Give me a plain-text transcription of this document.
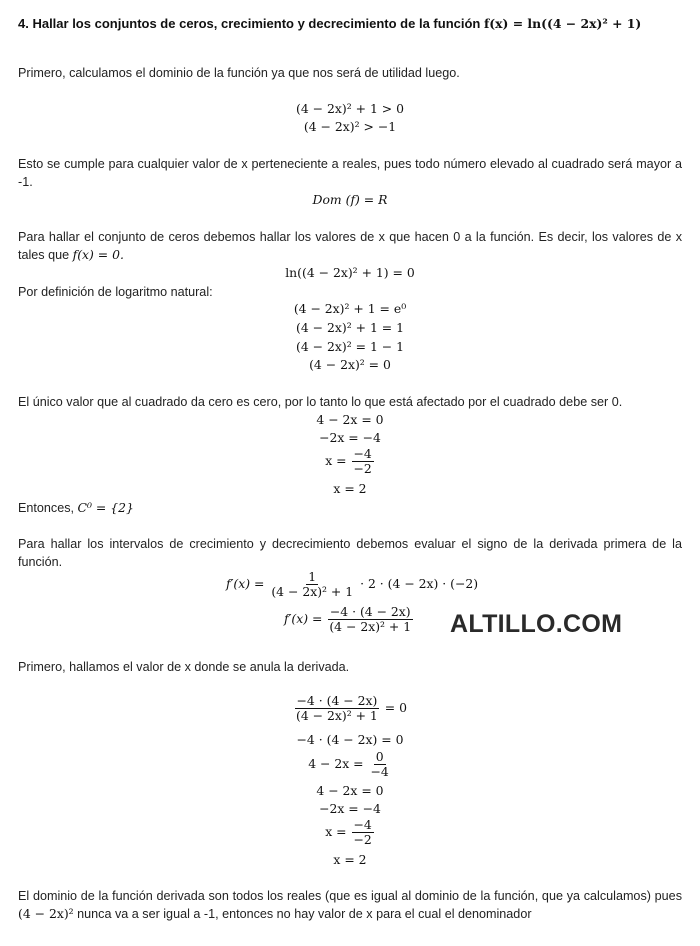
4. Hallar los conjuntos de ceros, crecimiento y decrecimiento de la función f(x) = ln((4 − 2x)² + 1)
Primero, calculamos el dominio de la función ya que nos será de utilidad luego.
(4 − 2x)² + 1 > 0
(4 − 2x)² > −1
Esto se cumple para cualquier valor de x perteneciente a reales, pues todo número elevado al cuadrado será mayor a -1.
Dom (f) = R
Para hallar el conjunto de ceros debemos hallar los valores de x que hacen 0 a la función. Es decir, los valores de x tales que f(x) = 0.
ln((4 − 2x)² + 1) = 0
Por definición de logaritmo natural:
(4 − 2x)² + 1 = e⁰
(4 − 2x)² + 1 = 1
(4 − 2x)² = 1 − 1
(4 − 2x)² = 0
El único valor que al cuadrado da cero es cero, por lo tanto lo que está afectado por el cuadrado debe ser 0.
4 − 2x = 0
−2x = −4
$x = \frac{-4}{-2}$
x = 2
Entonces, C⁰ = {2}
Para hallar los intervalos de crecimiento y decrecimiento debemos evaluar el signo de la derivada primera de la función.
$f'(x) = \frac{1}{\text{(4 − 2x)² + 1}} \cdot 2 \cdot (4 - 2x) \cdot (-2)$
$f'(x) = \frac{-4 \cdot (4 - 2x)}{\text{(4 − 2x)² + 1}}$
Primero, hallamos el valor de x donde se anula la derivada.
$\frac{-4 \cdot (4 - 2x)}{\text{(4 − 2x)² + 1}} = 0$
−4 · (4 − 2x) = 0
$4 - 2x = \frac{0}{-4}$
4 − 2x = 0
−2x = −4
$x = \frac{-4}{-2}$
x = 2
El dominio de la función derivada son todos los reales (que es igual al dominio de la función, que ya calculamos) pues (4 − 2x)² nunca va a ser igual a -1, entonces no hay valor de x para el cual el denominador
ALTILLO.COM
